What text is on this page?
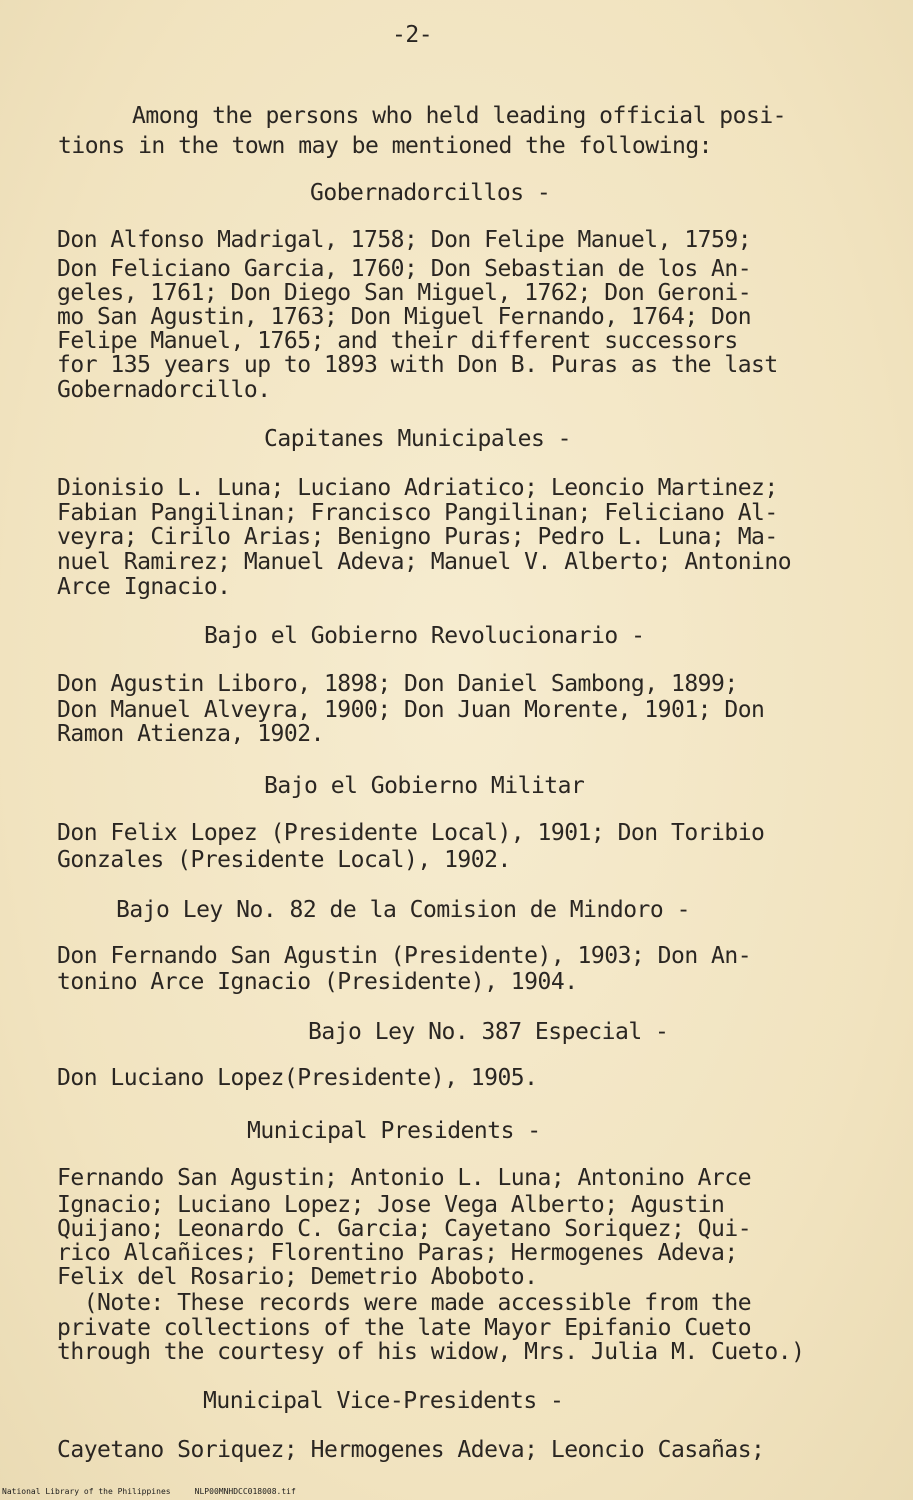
-2-
Among the persons who held leading official posi-
tions in the town may be mentioned the following:
Gobernadorcillos -
Don Alfonso Madrigal, 1758; Don Felipe Manuel, 1759;
Don Feliciano Garcia, 1760; Don Sebastian de los An-
geles, 1761; Don Diego San Miguel, 1762; Don Geroni-
mo San Agustin, 1763; Don Miguel Fernando, 1764; Don
Felipe Manuel, 1765; and their different successors
for 135 years up to 1893 with Don B. Puras as the last
Gobernadorcillo.
Capitanes Municipales -
Dionisio L. Luna; Luciano Adriatico; Leoncio Martinez;
Fabian Pangilinan; Francisco Pangilinan; Feliciano Al-
veyra; Cirilo Arias; Benigno Puras; Pedro L. Luna; Ma-
nuel Ramirez; Manuel Adeva; Manuel V. Alberto; Antonino
Arce Ignacio.
Bajo el Gobierno Revolucionario -
Don Agustin Liboro, 1898; Don Daniel Sambong, 1899;
Don Manuel Alveyra, 1900; Don Juan Morente, 1901; Don
Ramon Atienza, 1902.
Bajo el Gobierno Militar
Don Felix Lopez (Presidente Local), 1901; Don Toribio
Gonzales (Presidente Local), 1902.
Bajo Ley No. 82 de la Comision de Mindoro -
Don Fernando San Agustin (Presidente), 1903; Don An-
tonino Arce Ignacio (Presidente), 1904.
Bajo Ley No. 387 Especial -
Don Luciano Lopez(Presidente), 1905.
Municipal Presidents -
Fernando San Agustin; Antonio L. Luna; Antonino Arce
Ignacio; Luciano Lopez; Jose Vega Alberto; Agustin
Quijano; Leonardo C. Garcia; Cayetano Soriquez; Qui-
rico Alcañices; Florentino Paras; Hermogenes Adeva;
Felix del Rosario; Demetrio Aboboto.
(Note: These records were made accessible from the
private collections of the late Mayor Epifanio Cueto
through the courtesy of his widow, Mrs. Julia M. Cueto.)
Municipal Vice-Presidents -
Cayetano Soriquez; Hermogenes Adeva; Leoncio Casañas;
National Library of the Philippines	NLP00MNHDCC018008.tif
